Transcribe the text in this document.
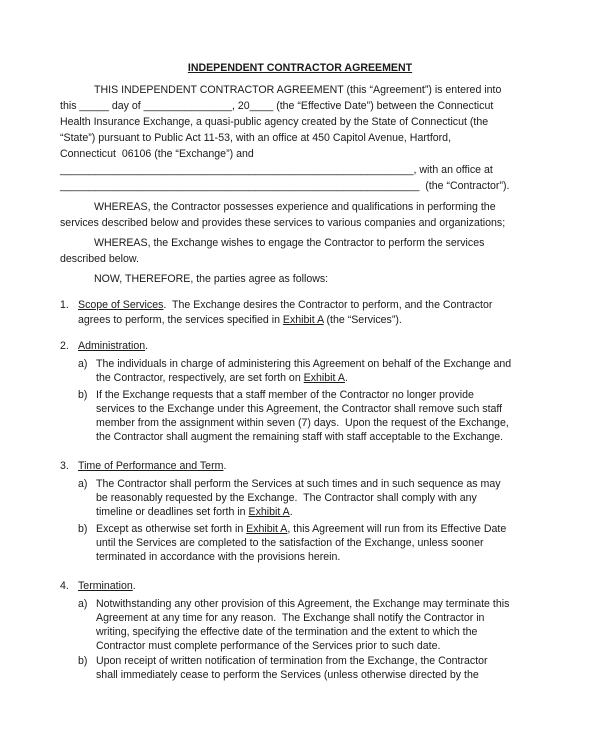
INDEPENDENT CONTRACTOR AGREEMENT
THIS INDEPENDENT CONTRACTOR AGREEMENT (this “Agreement”) is entered into
this _____ day of _______________, 20____ (the “Effective Date”) between the Connecticut
Health Insurance Exchange, a quasi-public agency created by the State of Connecticut (the
“State”) pursuant to Public Act 11-53, with an office at 450 Capitol Avenue, Hartford,
Connecticut  06106 (the “Exchange”) and
____________________________________________________________, with an office at
_____________________________________________________________  (the “Contractor”).
WHEREAS, the Contractor possesses experience and qualifications in performing the
services described below and provides these services to various companies and organizations;
WHEREAS, the Exchange wishes to engage the Contractor to perform the services
described below.
NOW, THEREFORE, the parties agree as follows:
1. Scope of Services.  The Exchange desires the Contractor to perform, and the Contractor
agrees to perform, the services specified in Exhibit A (the “Services”).
2. Administration.
a) The individuals in charge of administering this Agreement on behalf of the Exchange and
the Contractor, respectively, are set forth on Exhibit A.
b) If the Exchange requests that a staff member of the Contractor no longer provide
services to the Exchange under this Agreement, the Contractor shall remove such staff
member from the assignment within seven (7) days.  Upon the request of the Exchange,
the Contractor shall augment the remaining staff with staff acceptable to the Exchange.
3. Time of Performance and Term.
a) The Contractor shall perform the Services at such times and in such sequence as may
be reasonably requested by the Exchange.  The Contractor shall comply with any
timeline or deadlines set forth in Exhibit A.
b) Except as otherwise set forth in Exhibit A, this Agreement will run from its Effective Date
until the Services are completed to the satisfaction of the Exchange, unless sooner
terminated in accordance with the provisions herein.
4. Termination.
a) Notwithstanding any other provision of this Agreement, the Exchange may terminate this
Agreement at any time for any reason.  The Exchange shall notify the Contractor in
writing, specifying the effective date of the termination and the extent to which the
Contractor must complete performance of the Services prior to such date.
b) Upon receipt of written notification of termination from the Exchange, the Contractor
shall immediately cease to perform the Services (unless otherwise directed by the
